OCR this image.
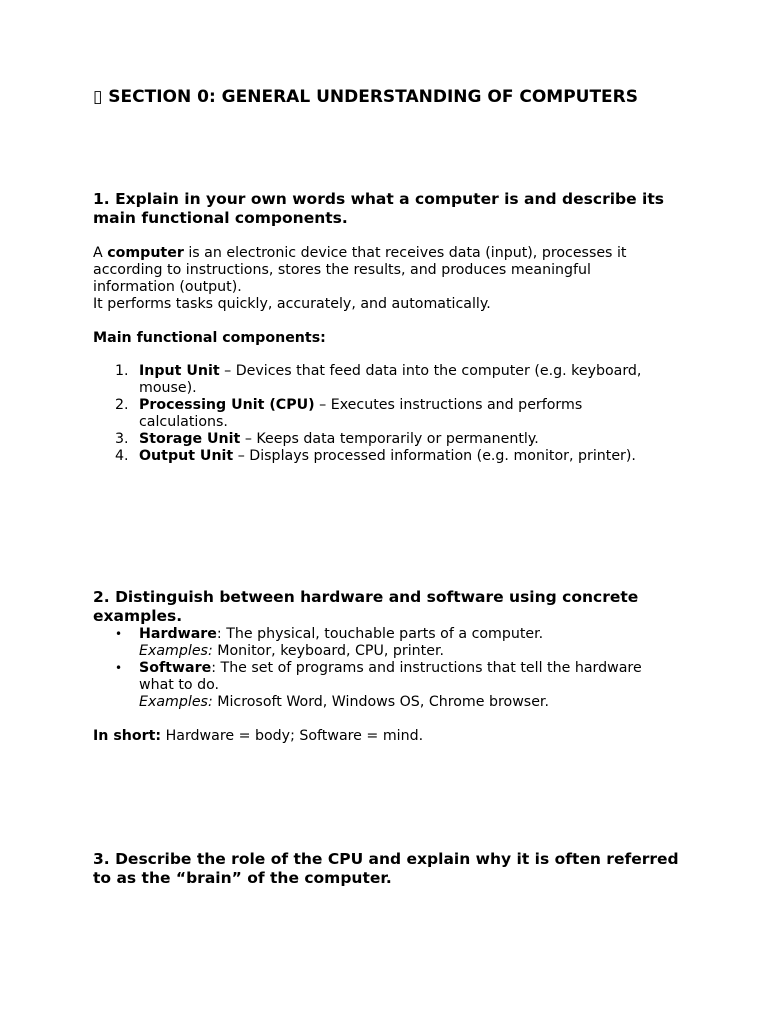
▯ SECTION 0: GENERAL UNDERSTANDING OF COMPUTERS

1. Explain in your own words what a computer is and describe its main functional components.

A computer is an electronic device that receives data (input), processes it according to instructions, stores the results, and produces meaningful information (output).

It performs tasks quickly, accurately, and automatically.

Main functional components:

1. Input Unit – Devices that feed data into the computer (e.g. keyboard, mouse).
2. Processing Unit (CPU) – Executes instructions and performs calculations.
3. Storage Unit – Keeps data temporarily or permanently.
4. Output Unit – Displays processed information (e.g. monitor, printer).

2. Distinguish between hardware and software using concrete examples.

• Hardware: The physical, touchable parts of a computer.
Examples: Monitor, keyboard, CPU, printer.
• Software: The set of programs and instructions that tell the hardware what to do.
Examples: Microsoft Word, Windows OS, Chrome browser.

In short: Hardware = body; Software = mind.

3. Describe the role of the CPU and explain why it is often referred to as the “brain” of the computer.
